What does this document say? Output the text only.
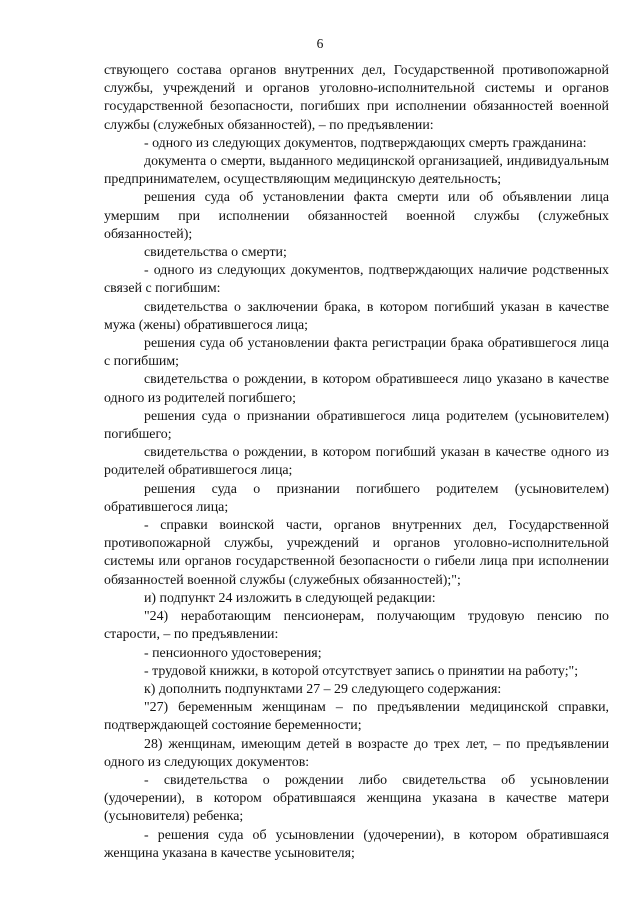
6

ствующего состава органов внутренних дел, Государственной противопожарной службы, учреждений и органов уголовно-исполнительной системы и органов государственной безопасности, погибших при исполнении обязанностей военной службы (служебных обязанностей), – по предъявлении:

- одного из следующих документов, подтверждающих смерть гражданина:

документа о смерти, выданного медицинской организацией, индивидуальным предпринимателем, осуществляющим медицинскую деятельность;

решения суда об установлении факта смерти или об объявлении лица умершим при исполнении обязанностей военной службы (служебных обязанностей);

свидетельства о смерти;

- одного из следующих документов, подтверждающих наличие родственных связей с погибшим:

свидетельства о заключении брака, в котором погибший указан в качестве мужа (жены) обратившегося лица;

решения суда об установлении факта регистрации брака обратившегося лица с погибшим;

свидетельства о рождении, в котором обратившееся лицо указано в качестве одного из родителей погибшего;

решения суда о признании обратившегося лица родителем (усыновителем) погибшего;

свидетельства о рождении, в котором погибший указан в качестве одного из родителей обратившегося лица;

решения суда о признании погибшего родителем (усыновителем) обратившегося лица;

- справки воинской части, органов внутренних дел, Государственной противопожарной службы, учреждений и органов уголовно-исполнительной системы или органов государственной безопасности о гибели лица при исполнении обязанностей военной службы (служебных обязанностей);";

и) подпункт 24 изложить в следующей редакции:

"24) неработающим пенсионерам, получающим трудовую пенсию по старости, – по предъявлении:

- пенсионного удостоверения;

- трудовой книжки, в которой отсутствует запись о принятии на работу;";

к) дополнить подпунктами 27 – 29 следующего содержания:

"27) беременным женщинам – по предъявлении медицинской справки, подтверждающей состояние беременности;

28) женщинам, имеющим детей в возрасте до трех лет, – по предъявлении одного из следующих документов:

- свидетельства о рождении либо свидетельства об усыновлении (удочерении), в котором обратившаяся женщина указана в качестве матери (усыновителя) ребенка;

- решения суда об усыновлении (удочерении), в котором обратившаяся женщина указана в качестве усыновителя;
